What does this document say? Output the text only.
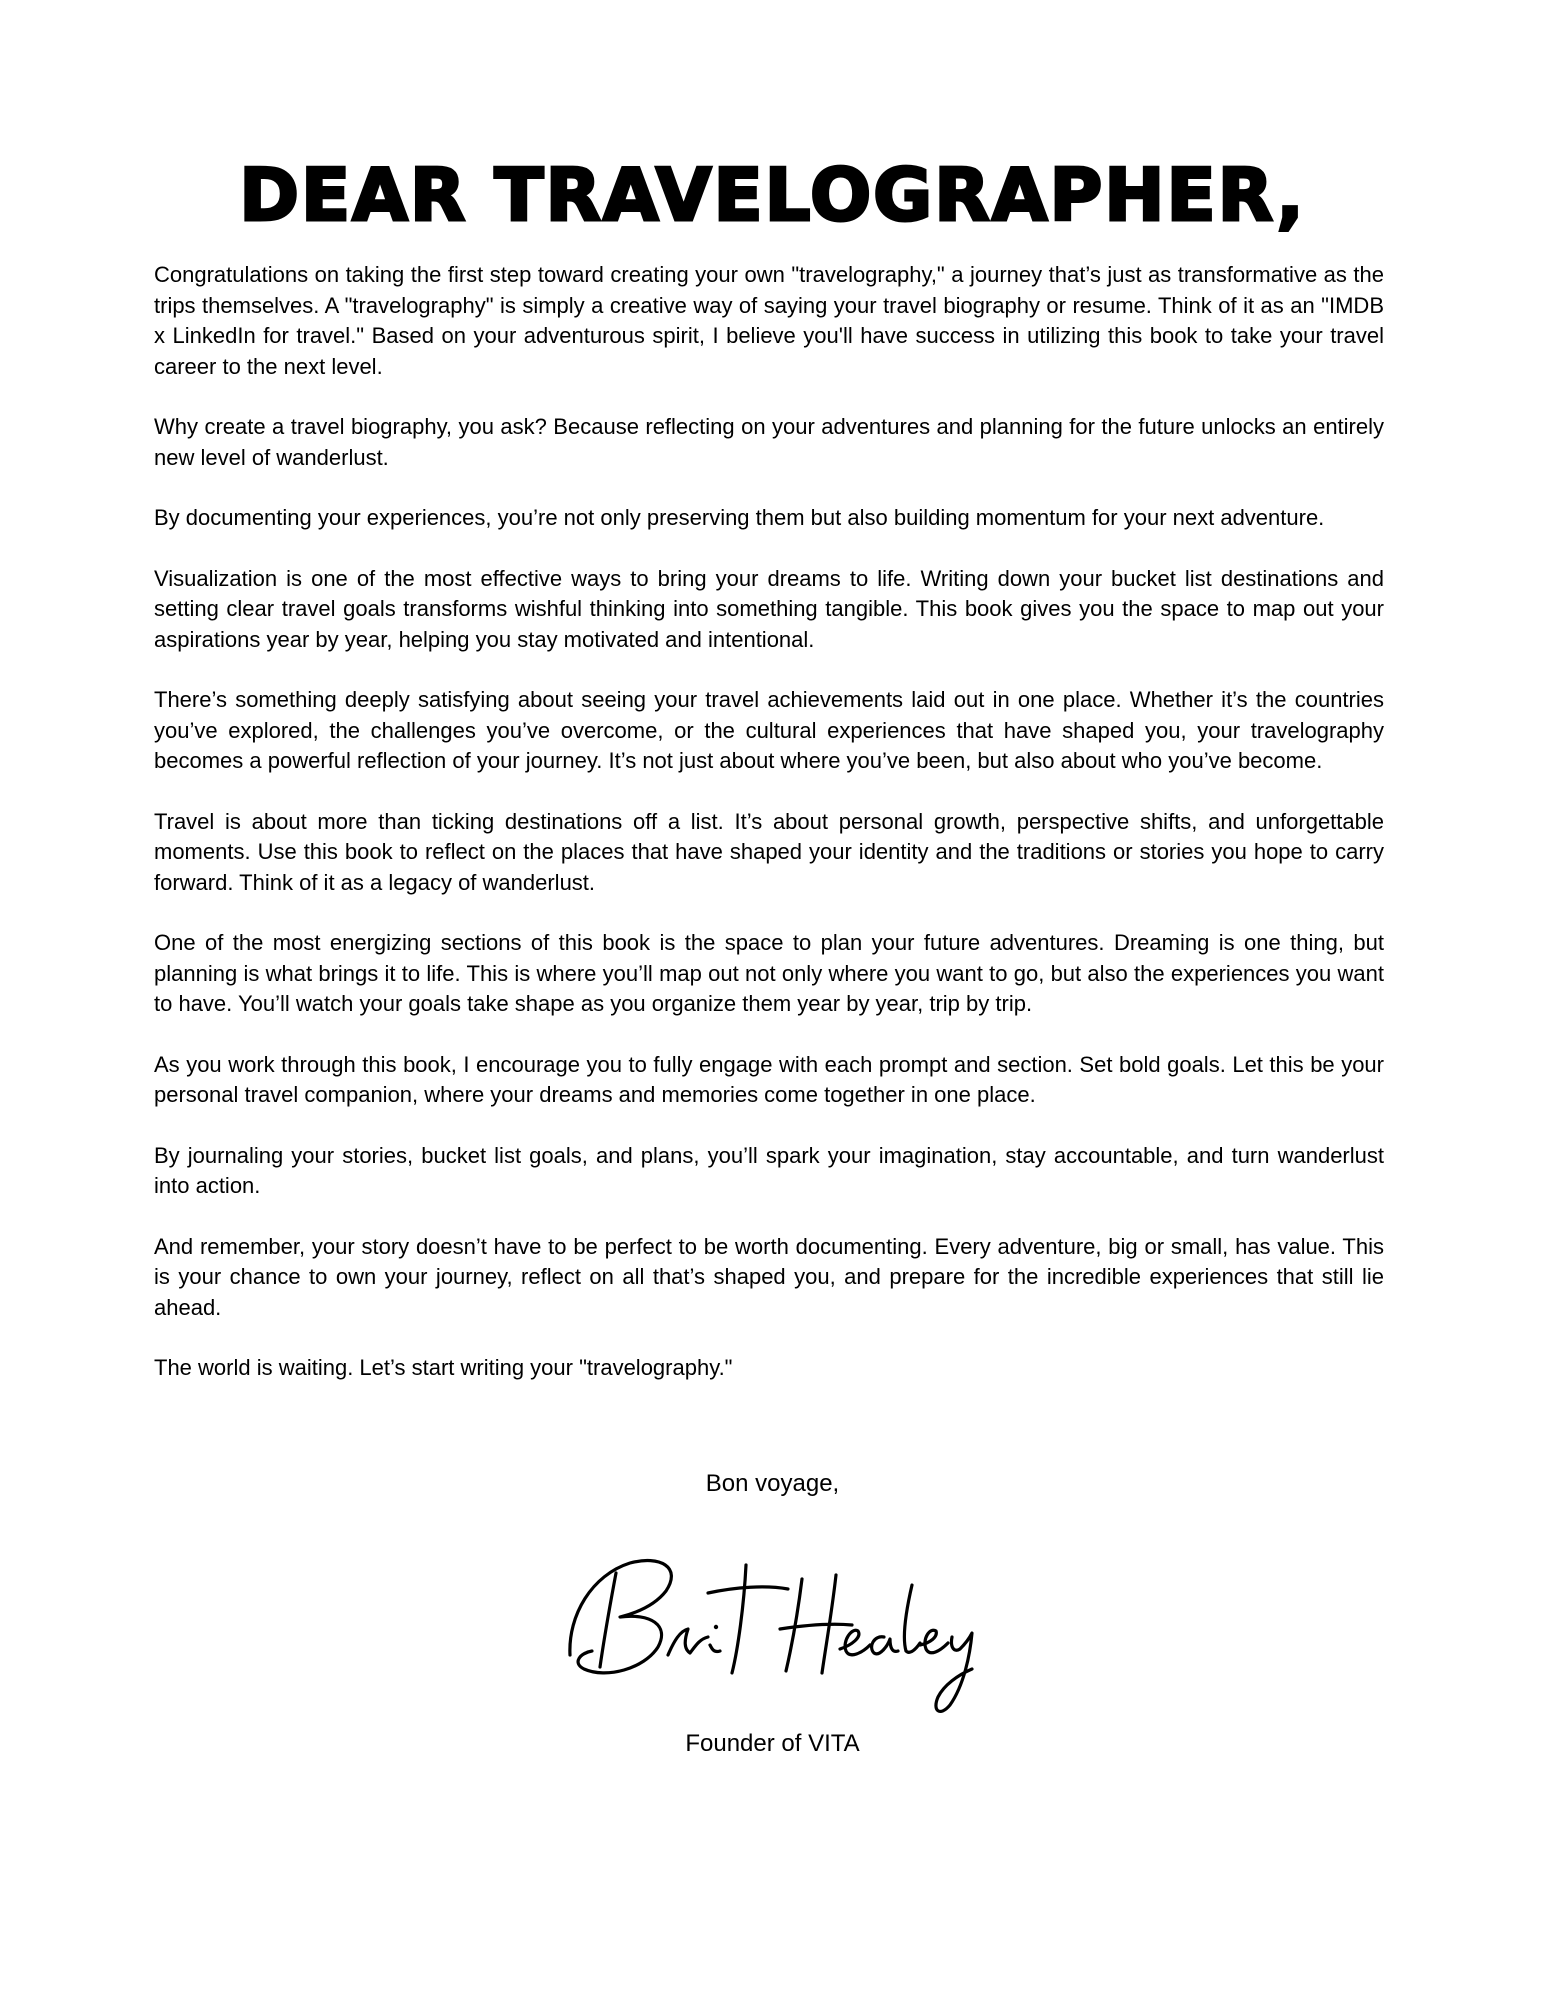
DEAR TRAVELOGRAPHER,

Congratulations on taking the first step toward creating your own "travelography," a journey that’s just as transformative as the trips themselves. A "travelography" is simply a creative way of saying your travel biography or resume. Think of it as an "IMDB x LinkedIn for travel." Based on your adventurous spirit, I believe you'll have success in utilizing this book to take your travel career to the next level.

Why create a travel biography, you ask? Because reflecting on your adventures and planning for the future unlocks an entirely new level of wanderlust.

By documenting your experiences, you’re not only preserving them but also building momentum for your next adventure.

Visualization is one of the most effective ways to bring your dreams to life. Writing down your bucket list destinations and setting clear travel goals transforms wishful thinking into something tangible. This book gives you the space to map out your aspirations year by year, helping you stay motivated and intentional.

There’s something deeply satisfying about seeing your travel achievements laid out in one place. Whether it’s the countries you’ve explored, the challenges you’ve overcome, or the cultural experiences that have shaped you, your travelography becomes a powerful reflection of your journey. It’s not just about where you’ve been, but also about who you’ve become.

Travel is about more than ticking destinations off a list. It’s about personal growth, perspective shifts, and unforgettable moments. Use this book to reflect on the places that have shaped your identity and the traditions or stories you hope to carry forward. Think of it as a legacy of wanderlust.

One of the most energizing sections of this book is the space to plan your future adventures. Dreaming is one thing, but planning is what brings it to life. This is where you’ll map out not only where you want to go, but also the experiences you want to have. You’ll watch your goals take shape as you organize them year by year, trip by trip.

As you work through this book, I encourage you to fully engage with each prompt and section. Set bold goals. Let this be your personal travel companion, where your dreams and memories come together in one place.

By journaling your stories, bucket list goals, and plans, you’ll spark your imagination, stay accountable, and turn wanderlust into action.

And remember, your story doesn’t have to be perfect to be worth documenting. Every adventure, big or small, has value. This is your chance to own your journey, reflect on all that’s shaped you, and prepare for the incredible experiences that still lie ahead.

The world is waiting. Let’s start writing your "travelography."

Bon voyage,
Founder of VITA
